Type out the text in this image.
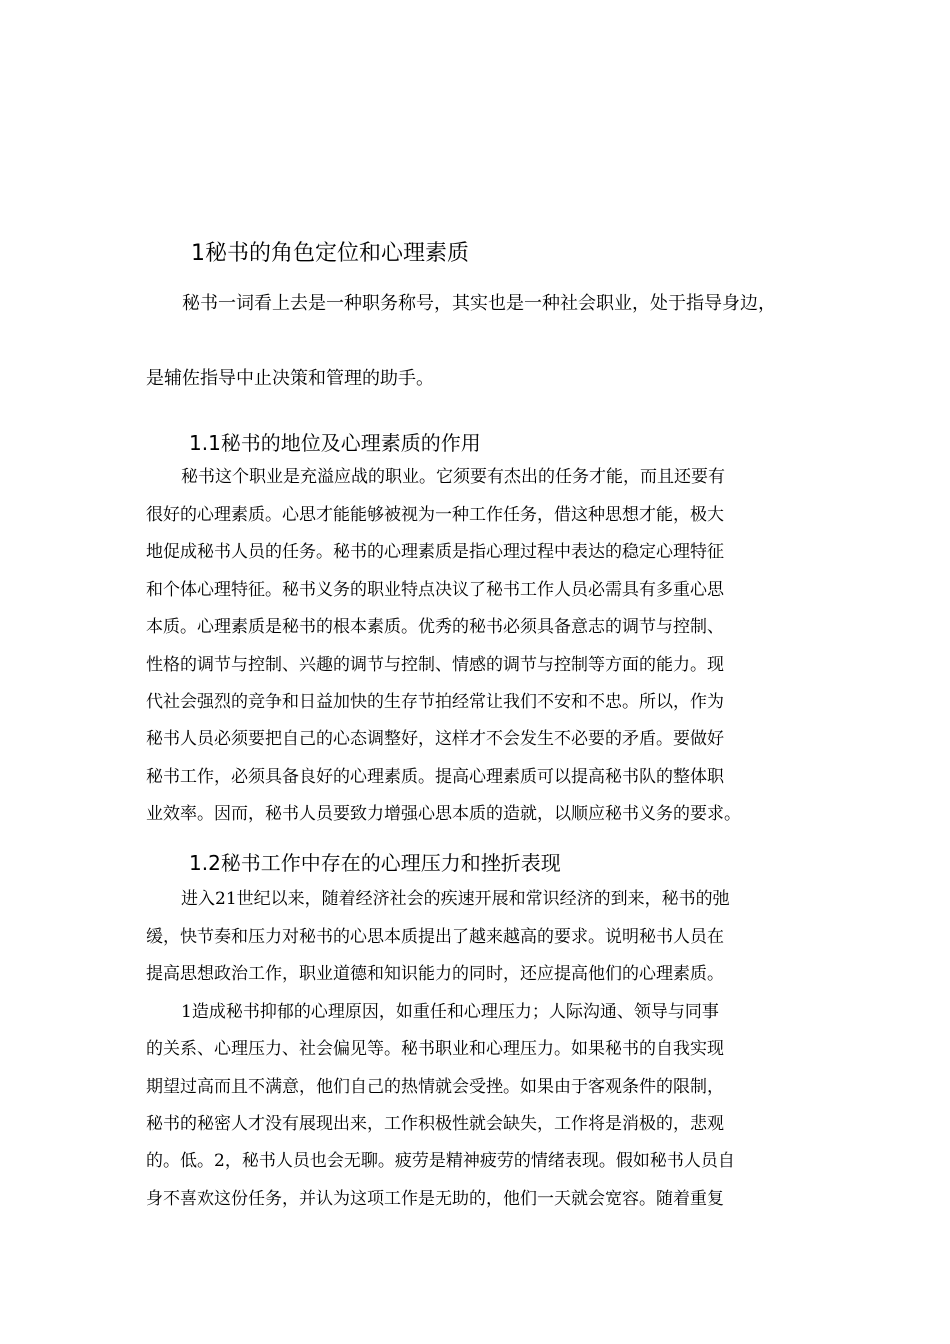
1秘书的角色定位和心理素质
秘书一词看上去是一种职务称号，其实也是一种社会职业，处于指导身边，
是辅佐指导中止决策和管理的助手。
1.1秘书的地位及心理素质的作用
秘书这个职业是充溢应战的职业。它须要有杰出的任务才能，而且还要有
很好的心理素质。心思才能能够被视为一种工作任务，借这种思想才能，极大
地促成秘书人员的任务。秘书的心理素质是指心理过程中表达的稳定心理特征
和个体心理特征。秘书义务的职业特点决议了秘书工作人员必需具有多重心思
本质。心理素质是秘书的根本素质。优秀的秘书必须具备意志的调节与控制、
性格的调节与控制、兴趣的调节与控制、情感的调节与控制等方面的能力。现
代社会强烈的竞争和日益加快的生存节拍经常让我们不安和不忠。所以，作为
秘书人员必须要把自己的心态调整好，这样才不会发生不必要的矛盾。要做好
秘书工作，必须具备良好的心理素质。提高心理素质可以提高秘书队的整体职
业效率。因而，秘书人员要致力增强心思本质的造就，以顺应秘书义务的要求。
1.2秘书工作中存在的心理压力和挫折表现
进入21世纪以来，随着经济社会的疾速开展和常识经济的到来，秘书的弛
缓，快节奏和压力对秘书的心思本质提出了越来越高的要求。说明秘书人员在
提高思想政治工作，职业道德和知识能力的同时，还应提高他们的心理素质。
1造成秘书抑郁的心理原因，如重任和心理压力；人际沟通、领导与同事
的关系、心理压力、社会偏见等。秘书职业和心理压力。如果秘书的自我实现
期望过高而且不满意，他们自己的热情就会受挫。如果由于客观条件的限制，
秘书的秘密人才没有展现出来，工作积极性就会缺失，工作将是消极的，悲观
的。低。2，秘书人员也会无聊。疲劳是精神疲劳的情绪表现。假如秘书人员自
身不喜欢这份任务，并认为这项工作是无助的，他们一天就会宽容。随着重复
